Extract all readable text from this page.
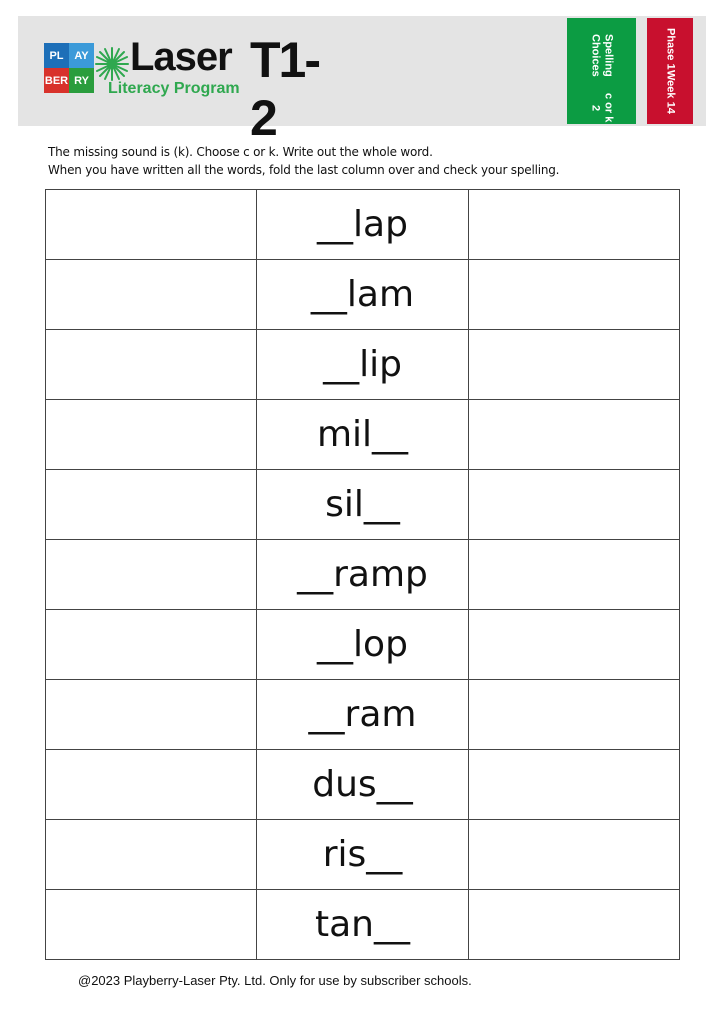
PL AY
BER RY
Laser T1-2
Literacy Program
Spelling Choices
c or k 2
Phase 1
Week 14
The missing sound is (k). Choose c or k. Write out the whole word.
When you have written all the words, fold the last column over and check your spelling.
	__lap	
	__lam	
	__lip	
	mil__	
	sil__	
	__ramp	
	__lop	
	__ram	
	dus__	
	ris__	
	tan__	
@2023 Playberry-Laser Pty. Ltd. Only for use by subscriber schools.
